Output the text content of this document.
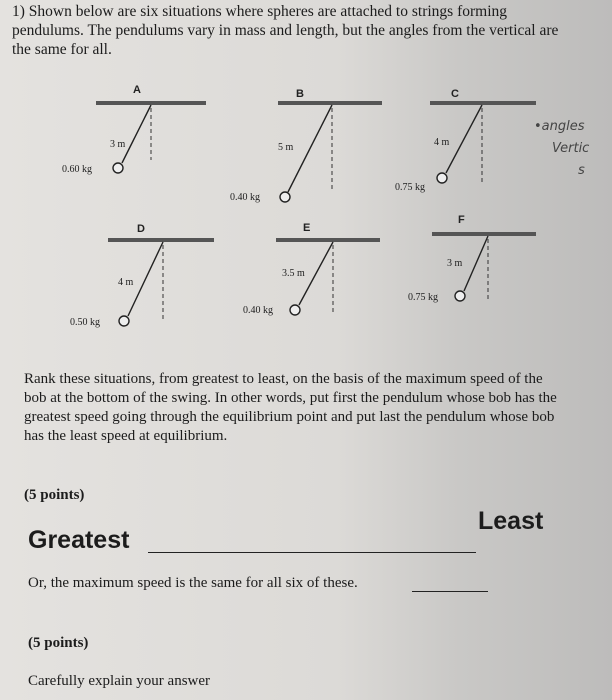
1) Shown below are six situations where spheres are attached to strings forming
pendulums. The pendulums vary in mass and length, but the angles from the vertical are
the same for all.
A
3 m
0.60 kg
B
5 m
0.40 kg
C
4 m
0.75 kg
•angles
Vertic
s
D
4 m
0.50 kg
E
3.5 m
0.40 kg
F
3 m
0.75 kg
Rank these situations, from greatest to least, on the basis of the maximum speed of the
bob at the bottom of the swing. In other words, put first the pendulum whose bob has the
greatest speed going through the equilibrium point and put last the pendulum whose bob
has the least speed at equilibrium.
(5 points)
Greatest
Least
Or, the maximum speed is the same for all six of these.
(5 points)
Carefully explain your answer
